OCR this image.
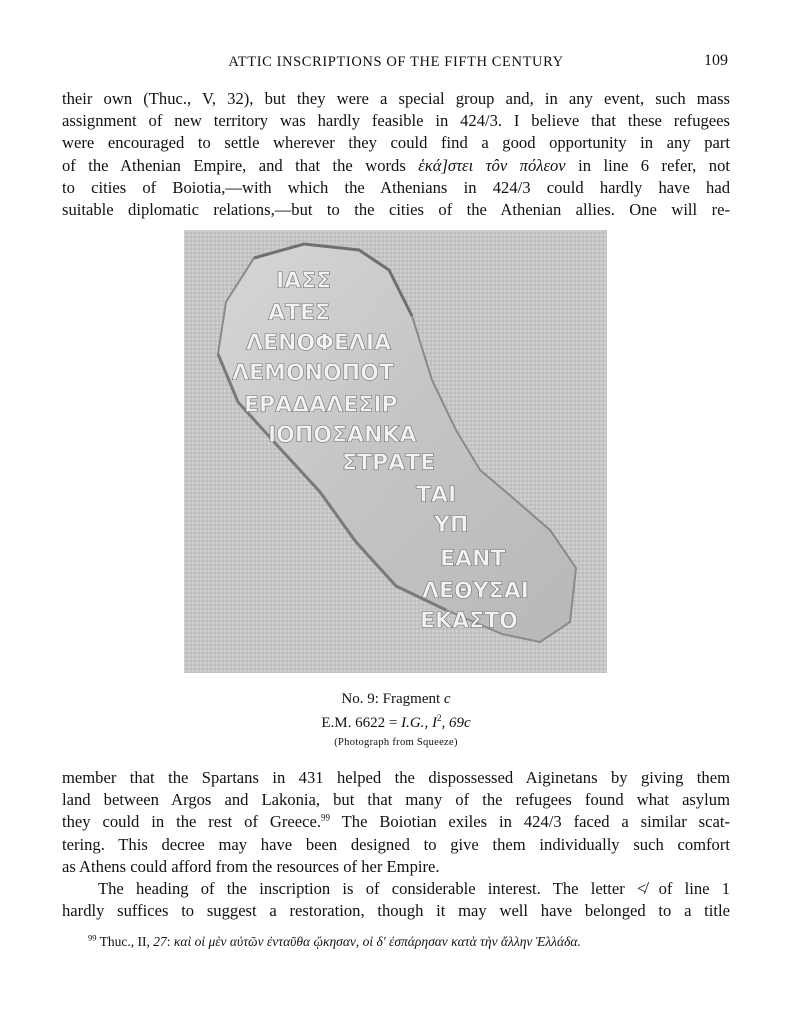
ATTIC INSCRIPTIONS OF THE FIFTH CENTURY	109
their own (Thuc., V, 32), but they were a special group and, in any event, such mass
assignment of new territory was hardly feasible in 424/3. I believe that these refugees
were encouraged to settle wherever they could find a good opportunity in any part
of the Athenian Empire, and that the words ἑκά]στει τôν πόλεον in line 6 refer, not
to cities of Boiotia,—with which the Athenians in 424/3 could hardly have had
suitable diplomatic relations,—but to the cities of the Athenian allies. One will re-
ΙΑΣΣ
ΑΤΕΣ
ΛΕΝΟΦΕΛΙΑ
ΛΕΜΟΝΟΠΟΤ
ΕΡΑΔΑΛΕΣΙΡ
ΙΟΠΟΣΑΝΚΑ
ΣΤΡΑΤΕ
ΤΑΙ
ΥΠ
ΕΑΝΤ
ΛΕΘΥΣΑΙ
ΕΚΑΣΤΟ
No. 9: Fragment c
E.M. 6622 = I.G., $I^2$, 69c
(Photograph from Squeeze)
member that the Spartans in 431 helped the dispossessed Aiginetans by giving them
land between Argos and Lakonia, but that many of the refugees found what asylum
they could in the rest of Greece.$^{99}$ The Boiotian exiles in 424/3 faced a similar scat-
tering. This decree may have been designed to give them individually such comfort
as Athens could afford from the resources of her Empire.
The heading of the inscription is of considerable interest. The letter ≮ of line 1
hardly suffices to suggest a restoration, though it may well have belonged to a title
$^{99}$ Thuc., II, 27: καὶ οἱ μὲν αὐτῶν ἐνταῦθα ᾤκησαν, οἱ δ' ἐσπάρησαν κατὰ τὴν ἄλλην Ἑλλάδα.
